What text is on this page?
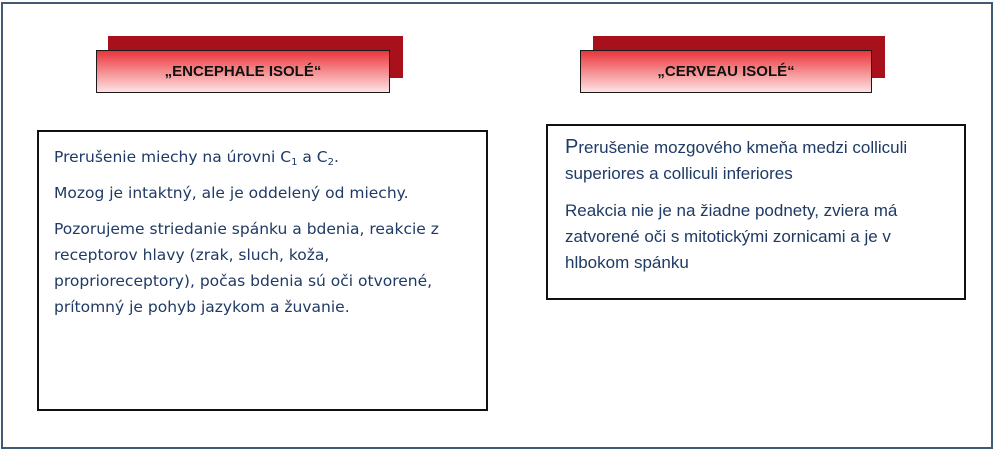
„ENCEPHALE ISOLÉ“	„CERVEAU ISOLÉ“

Prerušenie miechy na úrovni $C_1$ a $C_2$.

Mozog je intaktný, ale je oddelený od miechy.

Pozorujeme striedanie spánku a bdenia, reakcie z receptorov hlavy (zrak, sluch, koža, proprioreceptory), počas bdenia sú oči otvorené, prítomný je pohyb jazykom a žuvanie.

Prerušenie mozgového kmeňa medzi colliculi superiores a colliculi inferiores

Reakcia nie je na žiadne podnety, zviera má zatvorené oči s mitotickými zornicami a je v hlbokom spánku
